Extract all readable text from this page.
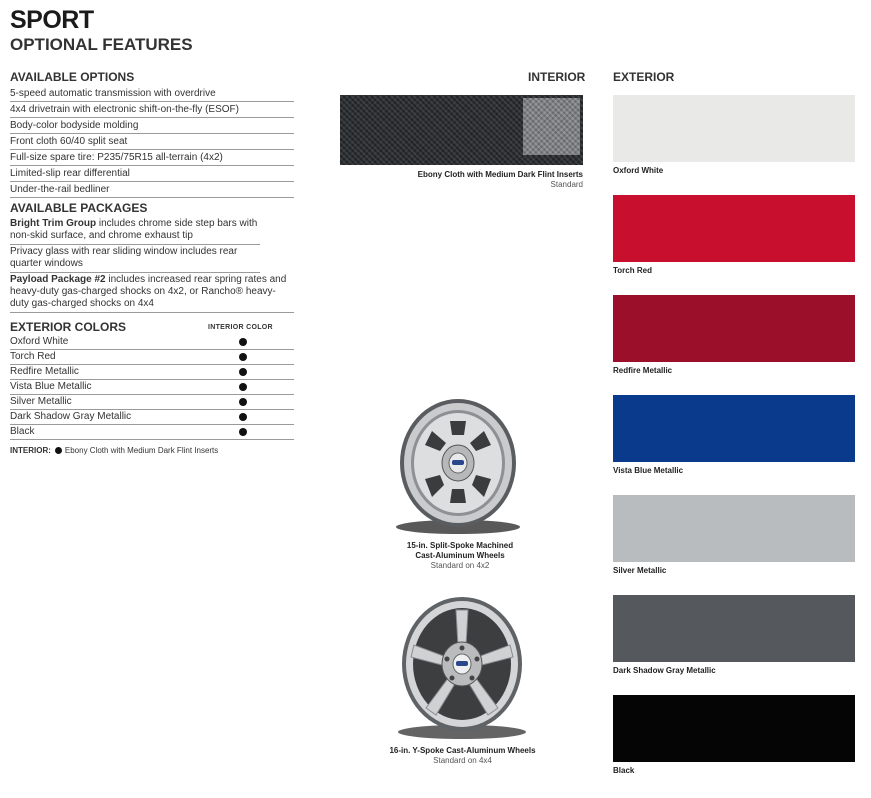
SPORT
OPTIONAL FEATURES
AVAILABLE OPTIONS
5-speed automatic transmission with overdrive
4x4 drivetrain with electronic shift-on-the-fly (ESOF)
Body-color bodyside molding
Front cloth 60/40 split seat
Full-size spare tire: P235/75R15 all-terrain (4x2)
Limited-slip rear differential
Under-the-rail bedliner
AVAILABLE PACKAGES
Bright Trim Group includes chrome side step bars with non-skid surface, and chrome exhaust tip
Privacy glass with rear sliding window includes rear quarter windows
Payload Package #2 includes increased rear spring rates and heavy-duty gas-charged shocks on 4x2, or Rancho® heavy-duty gas-charged shocks on 4x4
EXTERIOR COLORS	INTERIOR COLOR
Oxford White
Torch Red
Redfire Metallic
Vista Blue Metallic
Silver Metallic
Dark Shadow Gray Metallic
Black
INTERIOR: Ebony Cloth with Medium Dark Flint Inserts
INTERIOR
Ebony Cloth with Medium Dark Flint Inserts
Standard
15-in. Split-Spoke Machined
Cast-Aluminum Wheels
Standard on 4x2
16-in. Y-Spoke Cast-Aluminum Wheels
Standard on 4x4
EXTERIOR
Oxford White
Torch Red
Redfire Metallic
Vista Blue Metallic
Silver Metallic
Dark Shadow Gray Metallic
Black
